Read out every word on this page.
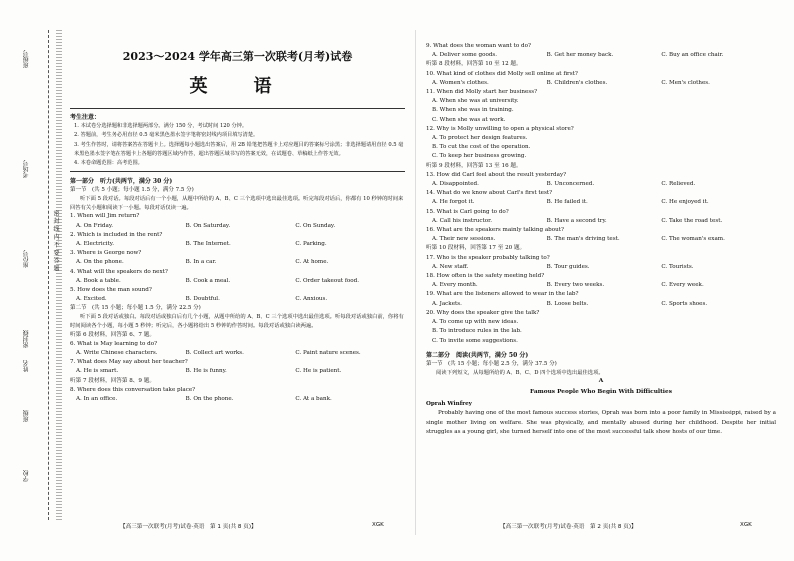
班级号
考场号
座位号
密封线
姓名
班级
学校
密 封 线 内 不 要 答 题
2023～2024 学年高三第一次联考(月考)试卷
英　语
考生注意：

1. 本试卷分选择题和非选择题两部分。满分 150 分，考试时间 120 分钟。

2. 答题前，考生务必用直径 0.5 毫米黑色墨水签字笔将密封线内项目填写清楚。

3. 考生作答时，请将答案答在答题卡上。选择题每小题选出答案后，用 2B 铅笔把答题卡上对应题目的答案标号涂黑；非选择题请用直径 0.5 毫米黑色墨水签字笔在答题卡上各题的答题区域内作答，超出答题区域书写的答案无效，在试题卷、草稿纸上作答无效。

4. 本卷命题范围：高考范围。

第一部分　听力(共两节，满分 30 分)
第一节　(共 5 小题；每小题 1.5 分，满分 7.5 分)
听下面 5 段对话。每段对话后有一个小题，从题中所给的 A、B、C 三个选项中选出最佳选项。听完每段对话后，你都有 10 秒钟的时间来回答有关小题和阅读下一小题。每段对话仅读一遍。
1. When will Jim return?
A. On Friday.	B. On Saturday.	C. On Sunday.
2. Which is included in the rent?
A. Electricity.	B. The Internet.	C. Parking.
3. Where is George now?
A. On the phone.	B. In a car.	C. At home.
4. What will the speakers do next?
A. Book a table.	B. Cook a meal.	C. Order takeout food.
5. How does the man sound?
A. Excited.	B. Doubtful.	C. Anxious.
第二节　(共 15 小题；每小题 1.5 分，满分 22.5 分)
听下面 5 段对话或独白。每段对话或独白后有几个小题，从题中所给的 A、B、C 三个选项中选出最佳选项。听每段对话或独白前，你将有时间阅读各个小题，每小题 5 秒钟；听完后，各小题将给出 5 秒钟的作答时间。每段对话或独白读两遍。
听第 6 段材料，回答第 6、7 题。
6. What is May learning to do?
A. Write Chinese characters.	B. Collect art works.	C. Paint nature scenes.
7. What does May say about her teacher?
A. He is smart.	B. He is funny.	C. He is patient.
听第 7 段材料，回答第 8、9 题。
8. Where does this conversation take place?
A. In an office.	B. On the phone.	C. At a bank.
【高三第一次联考(月考)试卷·英语　第 1 页(共 8 页)】	XGK
9. What does the woman want to do?
A. Deliver some goods.	B. Get her money back.	C. Buy an office chair.
听第 8 段材料，回答第 10 至 12 题。
10. What kind of clothes did Molly sell online at first?
A. Women's clothes.	B. Children's clothes.	C. Men's clothes.
11. When did Molly start her business?
A. When she was at university.
B. When she was in training.
C. When she was at work.
12. Why is Molly unwilling to open a physical store?
A. To protect her design features.
B. To cut the cost of the operation.
C. To keep her business growing.
听第 9 段材料，回答第 13 至 16 题。
13. How did Carl feel about the result yesterday?
A. Disappointed.	B. Unconcerned.	C. Relieved.
14. What do we know about Carl's first test?
A. He forgot it.	B. He failed it.	C. He enjoyed it.
15. What is Carl going to do?
A. Call his instructor.	B. Have a second try.	C. Take the road test.
16. What are the speakers mainly talking about?
A. Their new sessions.	B. The man's driving test.	C. The woman's exam.
听第 10 段材料，回答第 17 至 20 题。
17. Who is the speaker probably talking to?
A. New staff.	B. Tour guides.	C. Tourists.
18. How often is the safety meeting held?
A. Every month.	B. Every two weeks.	C. Every week.
19. What are the listeners allowed to wear in the lab?
A. Jackets.	B. Loose belts.	C. Sports shoes.
20. Why does the speaker give the talk?
A. To come up with new ideas.
B. To introduce rules in the lab.
C. To invite some suggestions.
第二部分　阅读(共两节，满分 50 分)
第一节　(共 15 小题；每小题 2.5 分，满分 37.5 分)
阅读下列短文，从每题所给的 A、B、C、D 四个选项中选出最佳选项。
A
Famous People Who Begin With Difficulties
Oprah Winfrey
Probably having one of the most famous success stories, Oprah was born into a poor family in Mississippi, raised by a single mother living on welfare. She was physically, and mentally abused during her childhood. Despite her initial struggles as a young girl, she turned herself into one of the most successful talk show hosts of our time.
【高三第一次联考(月考)试卷·英语　第 2 页(共 8 页)】	XGK
